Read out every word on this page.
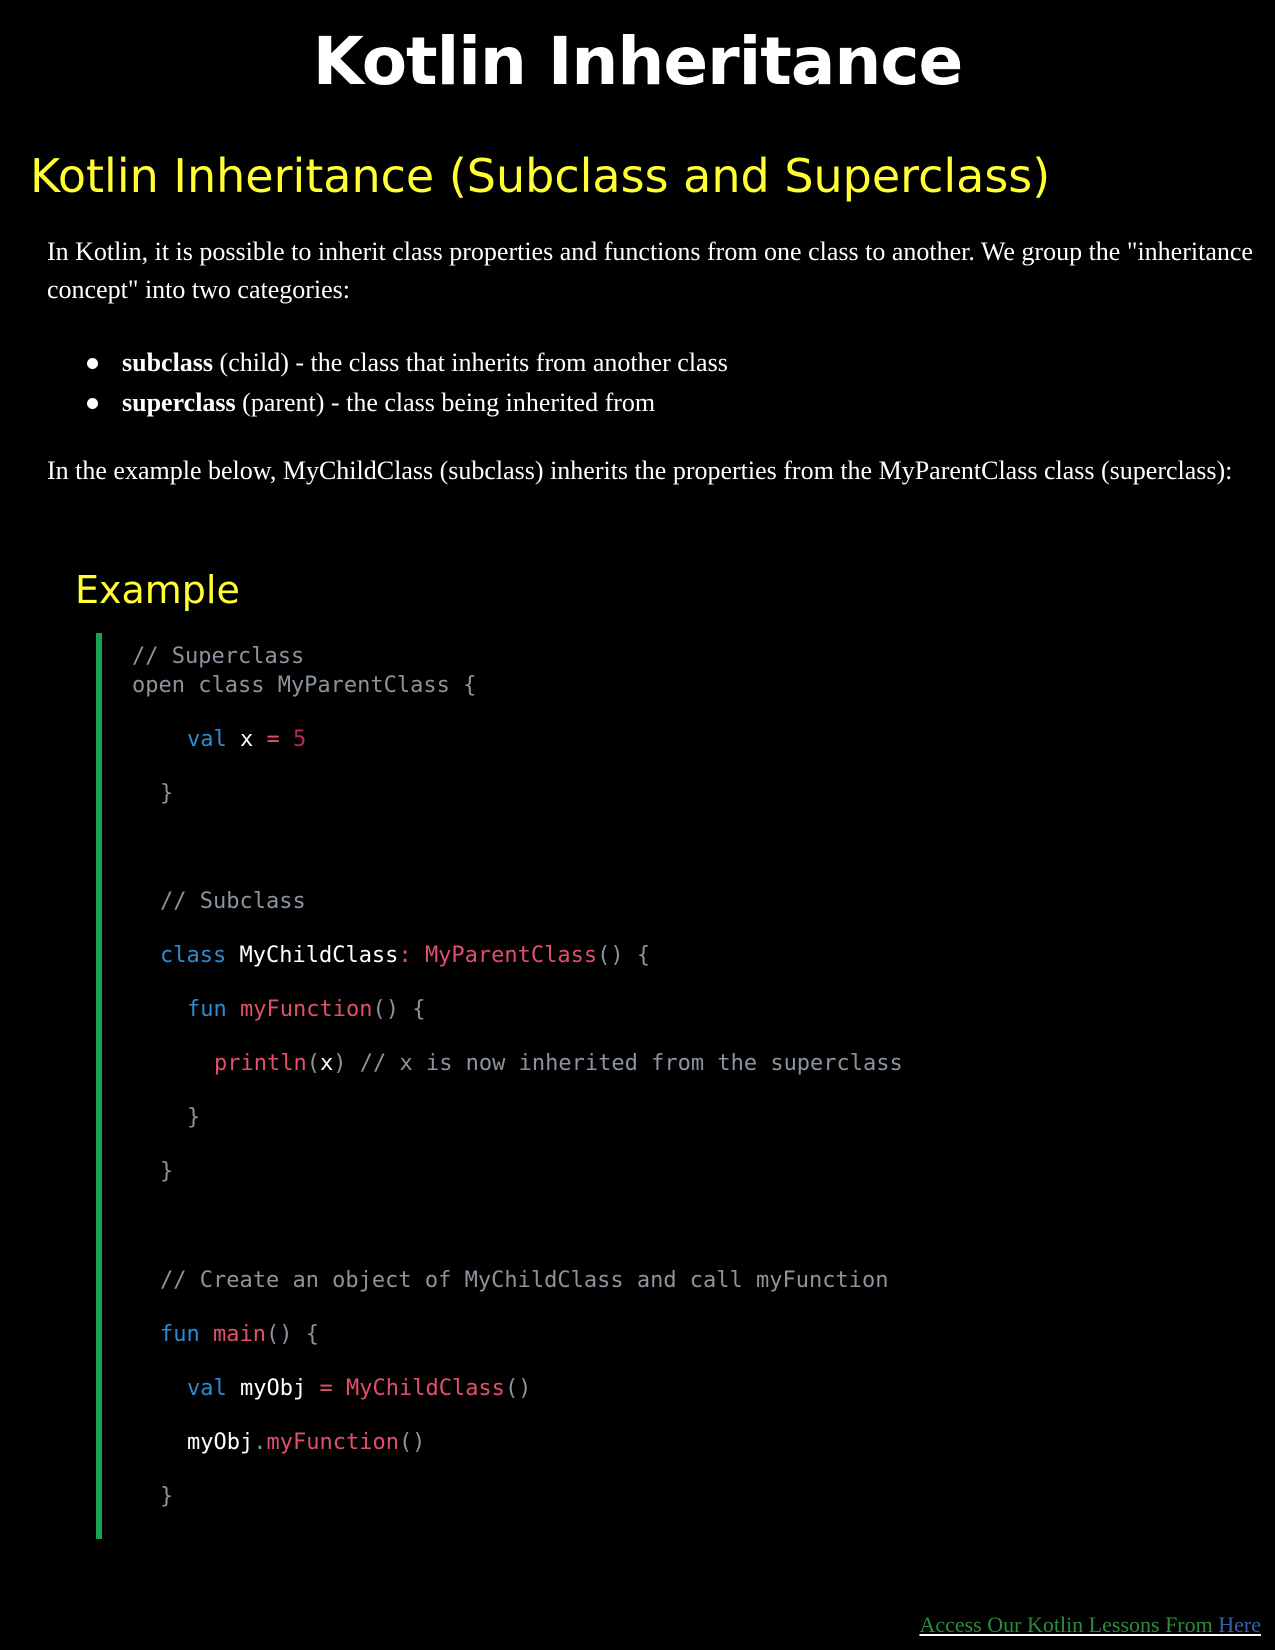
Kotlin Inheritance
Kotlin Inheritance (Subclass and Superclass)

In Kotlin, it is possible to inherit class properties and functions from one class to another. We group the "inheritance concept" into two categories:

subclass (child) - the class that inherits from another class
superclass (parent) - the class being inherited from

In the example below, MyChildClass (subclass) inherits the properties from the MyParentClass class (superclass):

Example
// Superclass
open class MyParentClass {
val x = 5
}
// Subclass
class MyChildClass: MyParentClass() {
fun myFunction() {
println(x) // x is now inherited from the superclass
}
}
// Create an object of MyChildClass and call myFunction
fun main() {
val myObj = MyChildClass()
myObj.myFunction()
}
Access Our Kotlin Lessons From Here
